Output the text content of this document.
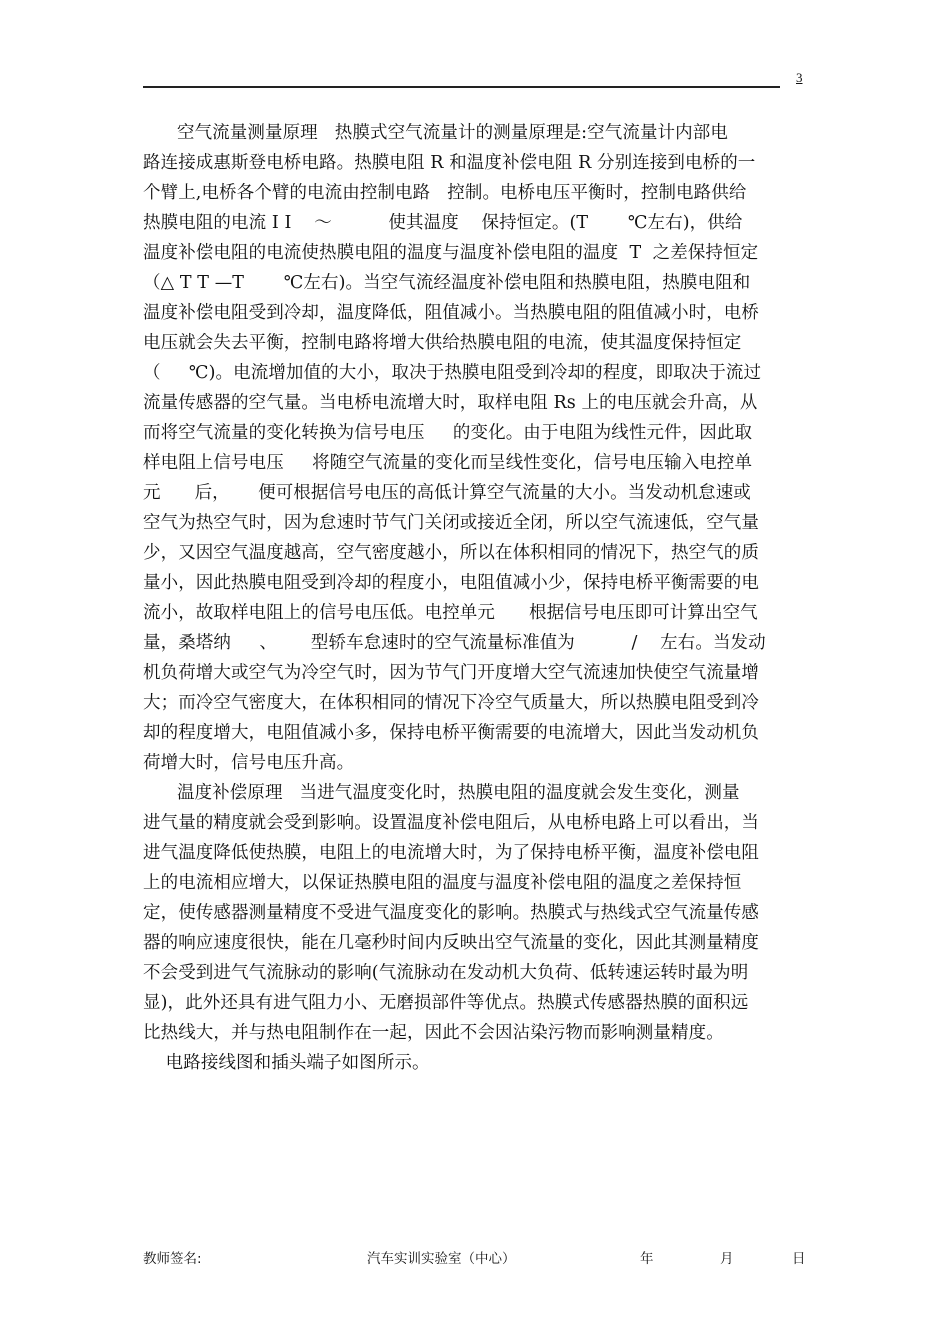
3
空气流量测量原理   热膜式空气流量计的测量原理是:空气流量计内部电
路连接成惠斯登电桥电路。热膜电阻 R 和温度补偿电阻 R 分别连接到电桥的一
个臂上,电桥各个臂的电流由控制电路   控制。电桥电压平衡时，控制电路供给
热膜电阻的电流 I I    ～          使其温度    保持恒定。(T       ℃左右)，供给
温度补偿电阻的电流使热膜电阻的温度与温度补偿电阻的温度  T  之差保持恒定
（△ T T —T       ℃左右)。当空气流经温度补偿电阻和热膜电阻，热膜电阻和
温度补偿电阻受到冷却，温度降低，阻值减小。当热膜电阻的阻值减小时，电桥
电压就会失去平衡，控制电路将增大供给热膜电阻的电流，使其温度保持恒定
（     ℃)。电流增加值的大小，取决于热膜电阻受到冷却的程度，即取决于流过
流量传感器的空气量。当电桥电流增大时，取样电阻 Rs 上的电压就会升高，从
而将空气流量的变化转换为信号电压     的变化。由于电阻为线性元件，因此取
样电阻上信号电压     将随空气流量的变化而呈线性变化，信号电压输入电控单
元      后，     便可根据信号电压的高低计算空气流量的大小。当发动机怠速或
空气为热空气时，因为怠速时节气门关闭或接近全闭，所以空气流速低，空气量
少，又因空气温度越高，空气密度越小，所以在体积相同的情况下，热空气的质
量小，因此热膜电阻受到冷却的程度小，电阻值减小少，保持电桥平衡需要的电
流小，故取样电阻上的信号电压低。电控单元      根据信号电压即可计算出空气
量，桑塔纳     、      型轿车怠速时的空气流量标准值为          /    左右。当发动
机负荷增大或空气为冷空气时，因为节气门开度增大空气流速加快使空气流量增
大；而冷空气密度大，在体积相同的情况下冷空气质量大，所以热膜电阻受到冷
却的程度增大，电阻值减小多，保持电桥平衡需要的电流增大，因此当发动机负
荷增大时，信号电压升高。
温度补偿原理   当进气温度变化时，热膜电阻的温度就会发生变化，测量
进气量的精度就会受到影响。设置温度补偿电阻后，从电桥电路上可以看出，当
进气温度降低使热膜，电阻上的电流增大时，为了保持电桥平衡，温度补偿电阻
上的电流相应增大，以保证热膜电阻的温度与温度补偿电阻的温度之差保持恒
定，使传感器测量精度不受进气温度变化的影响。热膜式与热线式空气流量传感
器的响应速度很快，能在几毫秒时间内反映出空气流量的变化，因此其测量精度
不会受到进气气流脉动的影响(气流脉动在发动机大负荷、低转速运转时最为明
显)，此外还具有进气阻力小、无磨损部件等优点。热膜式传感器热膜的面积远
比热线大，并与热电阻制作在一起，因此不会因沾染污物而影响测量精度。
电路接线图和插头端子如图所示。
教师签名:	汽车实训实验室（中心）	年	月	日
